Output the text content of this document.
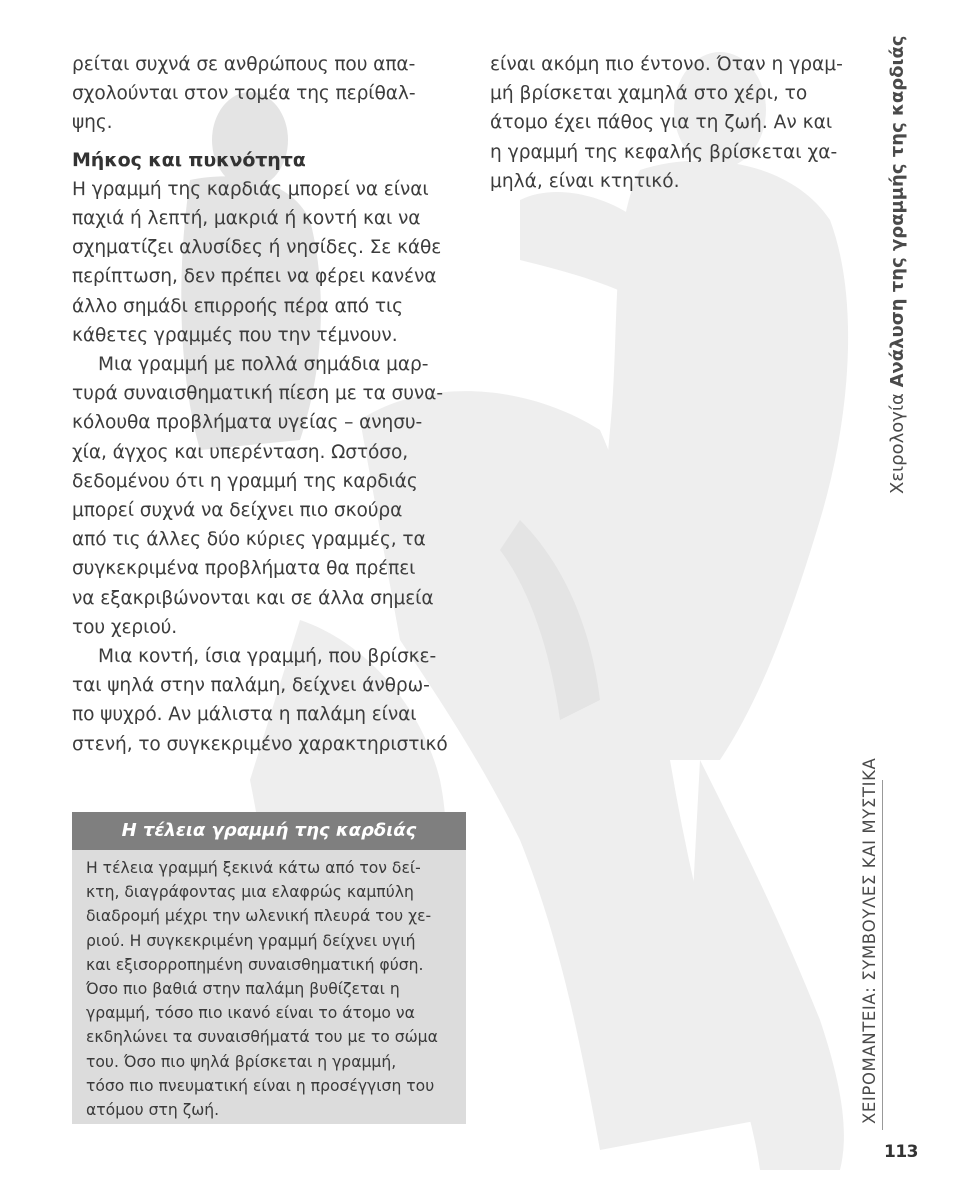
ρείται συχνά σε ανθρώπους που απα-

σχολούνται στον τομέα της περίθαλ-

ψης.

Μήκος και πυκνότητα

Η γραμμή της καρδιάς μπορεί να είναι

παχιά ή λεπτή, μακριά ή κοντή και να

σχηματίζει αλυσίδες ή νησίδες. Σε κάθε

περίπτωση, δεν πρέπει να φέρει κανένα

άλλο σημάδι επιρροής πέρα από τις

κάθετες γραμμές που την τέμνουν.

Μια γραμμή με πολλά σημάδια μαρ-

τυρά συναισθηματική πίεση με τα συνα-

κόλουθα προβλήματα υγείας – ανησυ-

χία, άγχος και υπερένταση. Ωστόσο,

δεδομένου ότι η γραμμή της καρδιάς

μπορεί συχνά να δείχνει πιο σκούρα

από τις άλλες δύο κύριες γραμμές, τα

συγκεκριμένα προβλήματα θα πρέπει

να εξακριβώνονται και σε άλλα σημεία

του χεριού.

Μια κοντή, ίσια γραμμή, που βρίσκε-

ται ψηλά στην παλάμη, δείχνει άνθρω-

πο ψυχρό. Αν μάλιστα η παλάμη είναι

στενή, το συγκεκριμένο χαρακτηριστικό

είναι ακόμη πιο έντονο. Όταν η γραμ-

μή βρίσκεται χαμηλά στο χέρι, το

άτομο έχει πάθος για τη ζωή. Αν και

η γραμμή της κεφαλής βρίσκεται χα-

μηλά, είναι κτητικό.

Η τέλεια γραμμή της καρδιάς

Η τέλεια γραμμή ξεκινά κάτω από τον δεί-

κτη, διαγράφοντας μια ελαφρώς καμπύλη

διαδρομή μέχρι την ωλενική πλευρά του χε-

ριού. Η συγκεκριμένη γραμμή δείχνει υγιή

και εξισορροπημένη συναισθηματική φύση.

Όσο πιο βαθιά στην παλάμη βυθίζεται η

γραμμή, τόσο πιο ικανό είναι το άτομο να

εκδηλώνει τα συναισθήματά του με το σώμα

του. Όσο πιο ψηλά βρίσκεται η γραμμή,

τόσο πιο πνευματική είναι η προσέγγιση του

ατόμου στη ζωή.

Χειρολογία Ανάλυση της γραμμής της καρδιάς
ΧΕΙΡΟΜΑΝΤΕΙΑ: ΣΥΜΒΟΥΛΕΣ ΚΑΙ ΜΥΣΤΙΚΑ
113
